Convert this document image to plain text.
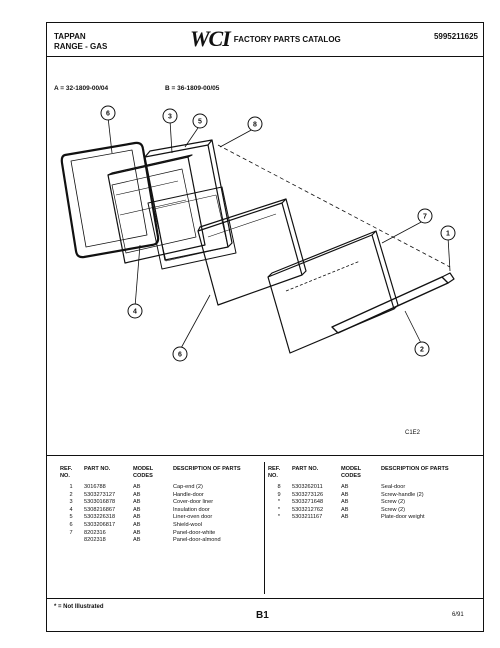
TAPPAN
RANGE - GAS	WCI FACTORY PARTS CATALOG	5995211625
A = 32-1809-00/04	B = 36-1809-00/05
6	3
5	8
7
1
4
6
2
C1E2
REF. NO.	PART NO.	MODEL CODES	DESCRIPTION OF PARTS
1	3016788	AB	Cap-end (2)
2	5303273127	AB	Handle-door
3	5303016878	AB	Cover-door liner
4	5308216867	AB	Insulation door
5	5303226318	AB	Liner-oven door
6	5303206817	AB	Shield-wool
7	8202316	AB	Panel-door-white
	8202318	AB	Panel-door-almond
REF. NO.	PART NO.	MODEL CODES	DESCRIPTION OF PARTS
8	5303262011	AB	Seal-door
9	5303273126	AB	Screw-handle (2)

*	5303271648	AB	Screw (2)
*	5303212762	AB	Screw (2)
*	5303211167	AB	Plate-door weight
* = Not Illustrated
B1	6/91
